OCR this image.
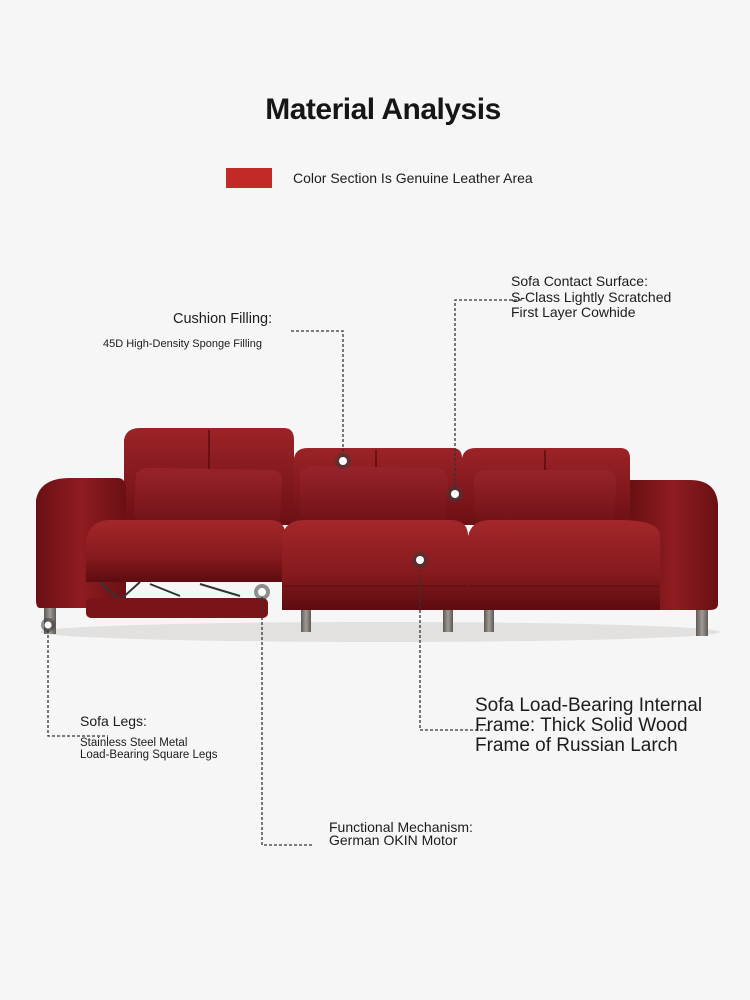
Material Analysis
Color Section Is Genuine Leather Area
Cushion Filling:
45D High-Density Sponge Filling
Sofa Contact Surface:
S-Class Lightly Scratched First Layer Cowhide
Sofa Legs:
Stainless Steel Metal
Load-Bearing Square Legs
Sofa Load-Bearing Internal Frame: Thick Solid Wood Frame of Russian Larch
Functional Mechanism:
German OKIN Motor
